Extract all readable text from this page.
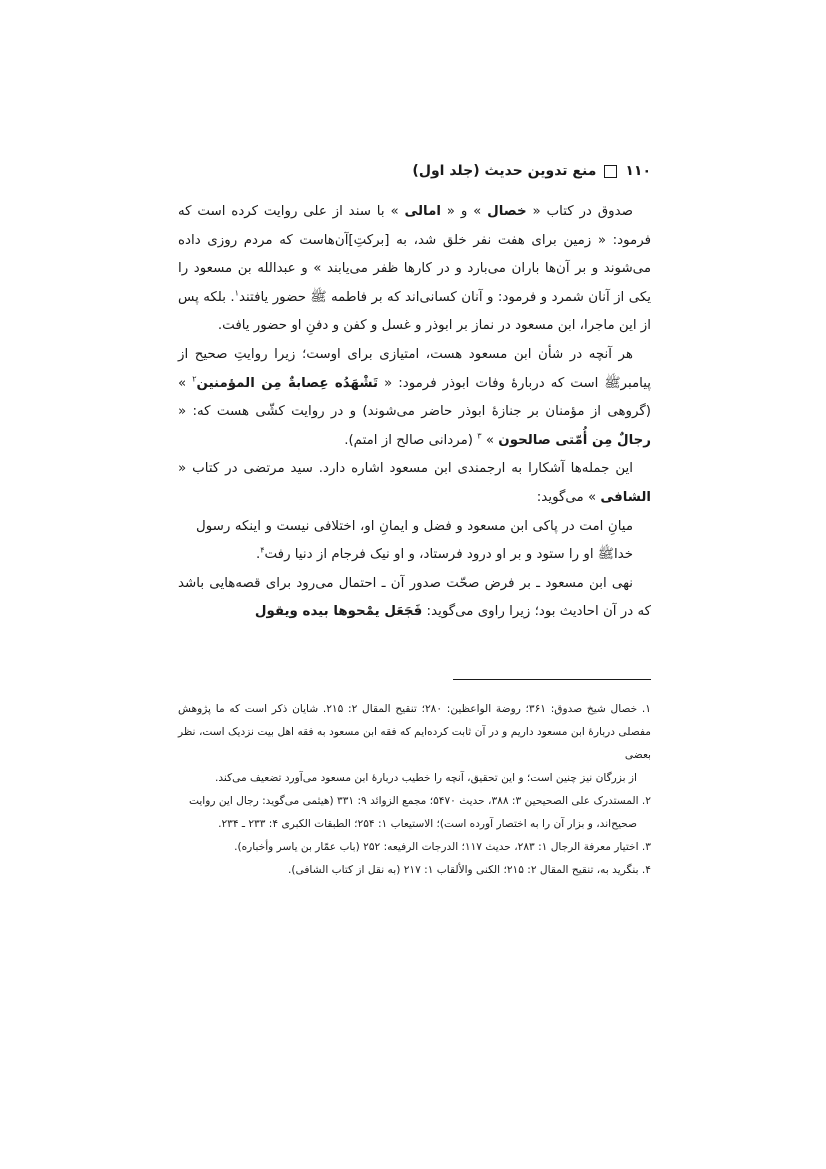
۱۱۰
منع تدوین حدیث (جلد اول)

صدوق در کتاب « خصال » و « امالی » با سند از علی روایت کرده است که فرمود: « زمین برای هفت نفر خلق شد، به [برکتِ]آن‌هاست که مردم روزی داده می‌شوند و بر آن‌ها باران می‌بارد و در کارها ظفر می‌یابند » و عبدالله بن مسعود را یکی از آنان شمرد و فرمود: و آنان کسانی‌اند که بر فاطمه ﷺ حضور یافتند$^۱$. بلکه پس از این ماجرا، ابن مسعود در نماز بر ابوذر و غسل و کفن و دفنِ او حضور یافت.

هر آنچه در شأن ابن مسعود هست، امتیازی برای اوست؛ زیرا روایتِ صحیح از پیامبرﷺ است که دربارهٔ وفات ابوذر فرمود: « تَشْهَدُه عِصابةٌ مِن المؤمنین$^۲$ » (گروهی از مؤمنان بر جنازهٔ ابوذر حاضر می‌شوند) و در روایت کشّی هست که: « رجالٌ مِن أُمّتی صالحون » $^۳$ (مردانی صالح از امتم).

این جمله‌ها آشکارا به ارجمندی ابن مسعود اشاره دارد. سید مرتضی در کتاب « الشافی » می‌گوید:

میانِ امت در پاکی ابن مسعود و فضل و ایمانِ او، اختلافی نیست و اینکه رسول خداﷺ او را ستود و بر او درود فرستاد، و او نیک فرجام از دنیا رفت$^۴$.

نهی ابن مسعود ـ بر فرض صحّت صدور آن ـ احتمال می‌رود برای قصه‌هایی باشد که در آن احادیث بود؛ زیرا راوی می‌گوید: فَجَعَل یمْحوها بیده ویقول

۱. خصال شیخ صدوق: ۳۶۱؛ روضة الواعظین: ۲۸۰؛ تنقیح المقال ۲: ۲۱۵. شایان ذکر است که ما پژوهش مفصلی دربارهٔ ابن مسعود داریم و در آن ثابت کرده‌ایم که فقه ابن مسعود به فقه اهل بیت نزدیک است، نظر بعضی
از بزرگان نیز چنین است؛ و این تحقیق، آنچه را خطیب دربارهٔ ابن مسعود می‌آورد تضعیف می‌کند.

۲. المستدرک علی الصحیحین ۳: ۳۸۸، حدیث ۵۴۷۰؛ مجمع الزوائد ۹: ۳۳۱ (هیثمی می‌گوید: رجال این روایت
صحیح‌اند، و بزار آن را به اختصار آورده است)؛ الاستیعاب ۱: ۲۵۴؛ الطبقات الکبری ۴: ۲۳۳ ـ ۲۳۴.

۳. اختیار معرفة الرجال ۱: ۲۸۳، حدیث ۱۱۷؛ الدرجات الرفیعه: ۲۵۲ (باب عمّار بن یاسر وأخباره).

۴. بنگرید به، تنقیح المقال ۲: ۲۱۵؛ الکنی والألقاب ۱: ۲۱۷ (به نقل از کتاب الشافی).
